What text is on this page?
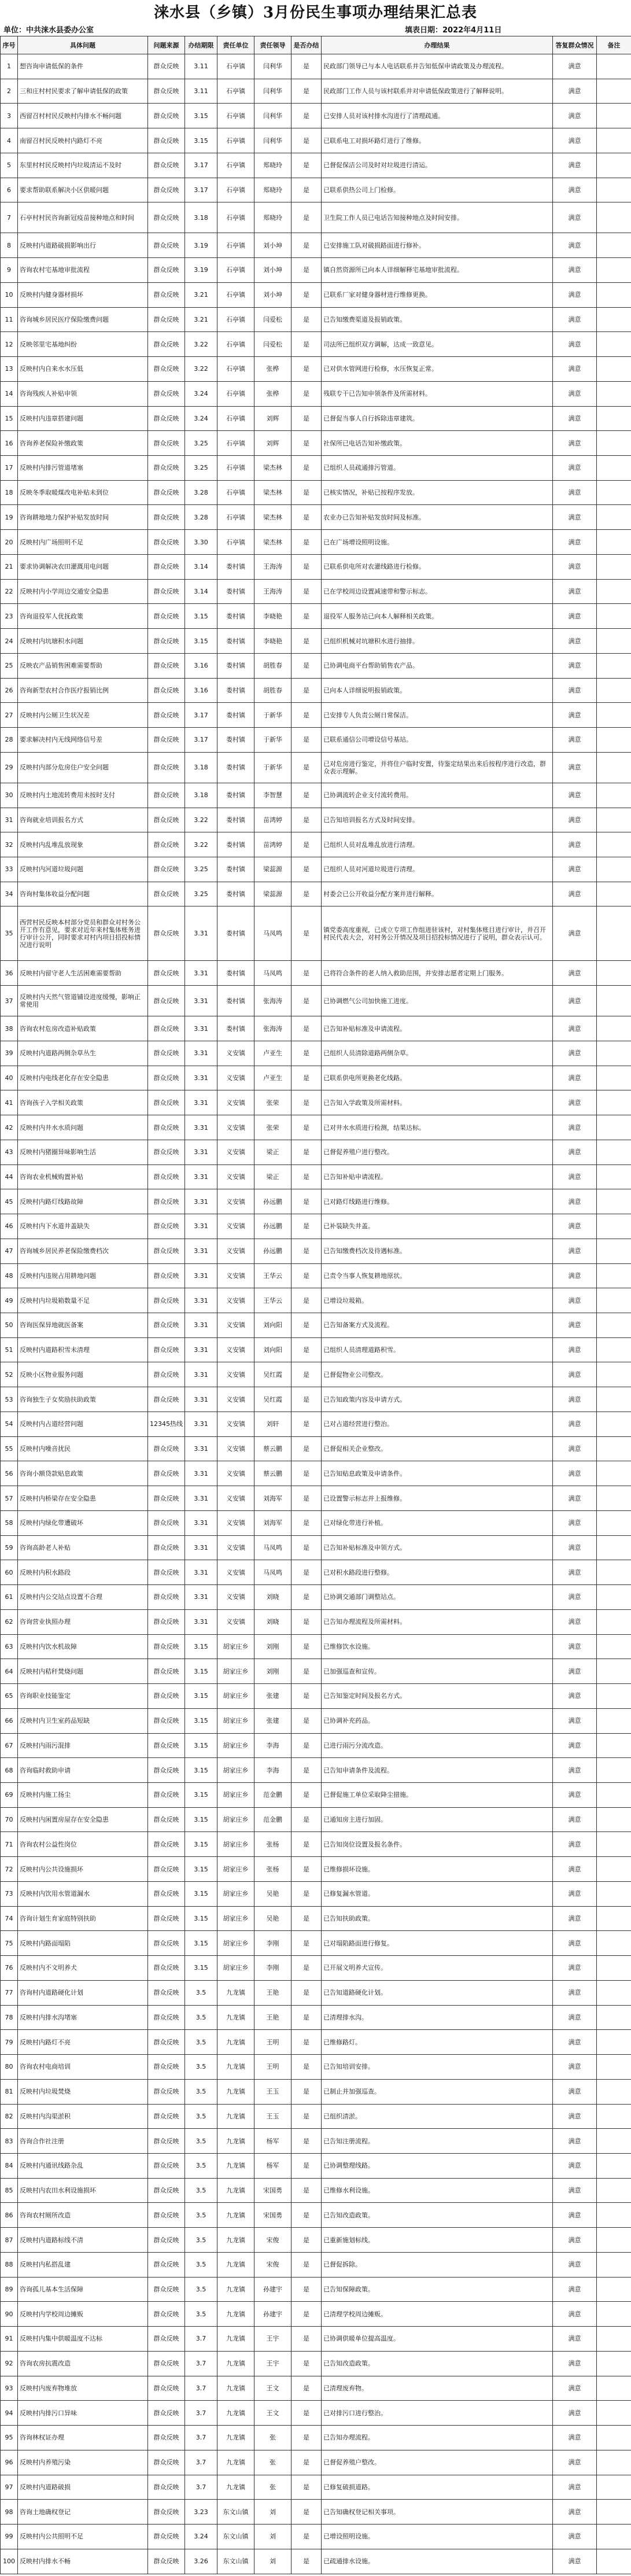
涞水县（乡镇）3月份民生事项办理结果汇总表
单位：中共涞水县委办公室	填表日期：2022年4月11日
序号	具体问题	问题来源	办结期限	责任单位	责任领导	是否办结	办理结果	答复群众情况	备注
1	想咨询申请低保的条件	群众反映	3.11	石亭镇	闫利华	是	民政部门领导已与本人电话联系并告知低保申请政策及办理流程。	满意	
2	三和庄村村民要求了解申请低保的政策	群众反映	3.11	石亭镇	闫利华	是	民政部门工作人员与该村联系并对申请低保政策进行了解释说明。	满意	
3	西留召村村民反映村内排水不畅问题	群众反映	3.15	石亭镇	闫利华	是	已安排人员对该村排水沟进行了清理疏通。	满意	
4	南留召村民反映村内路灯不亮	群众反映	3.15	石亭镇	闫利华	是	已联系电工对损坏路灯进行了维修。	满意	
5	东里村村民反映村内垃圾清运不及时	群众反映	3.17	石亭镇	郑晓玲	是	已督促保洁公司及时对垃圾进行清运。	满意	
6	要求帮助联系解决小区供暖问题	群众反映	3.17	石亭镇	郑晓玲	是	已联系供热公司上门检修。	满意	
7	石亭村村民咨询新冠疫苗接种地点和时间	群众反映	3.18	石亭镇	郑晓玲	是	卫生院工作人员已电话告知接种地点及时间安排。	满意	
8	反映村内道路破损影响出行	群众反映	3.19	石亭镇	刘小坤	是	已安排施工队对破损路面进行修补。	满意	
9	咨询农村宅基地审批流程	群众反映	3.19	石亭镇	刘小坤	是	镇自然资源所已向本人详细解释宅基地审批流程。	满意	
10	反映村内健身器材损坏	群众反映	3.21	石亭镇	刘小坤	是	已联系厂家对健身器材进行维修更换。	满意	
11	咨询城乡居民医疗保险缴费问题	群众反映	3.21	石亭镇	闫爱松	是	已告知缴费渠道及报销政策。	满意	
12	反映邻里宅基地纠纷	群众反映	3.22	石亭镇	闫爱松	是	司法所已组织双方调解，达成一致意见。	满意	
13	反映村内自来水水压低	群众反映	3.22	石亭镇	张桦	是	已对供水管网进行检修，水压恢复正常。	满意	
14	咨询残疾人补贴申领	群众反映	3.24	石亭镇	张桦	是	残联专干已告知申领条件及所需材料。	满意	
15	反映村内违章搭建问题	群众反映	3.24	石亭镇	刘辉	是	已督促当事人自行拆除违章建筑。	满意	
16	咨询养老保险补缴政策	群众反映	3.25	石亭镇	刘辉	是	社保所已电话告知补缴政策。	满意	
17	反映村内排污管道堵塞	群众反映	3.25	石亭镇	梁杰林	是	已组织人员疏通排污管道。	满意	
18	反映冬季取暖煤改电补贴未到位	群众反映	3.28	石亭镇	梁杰林	是	已核实情况，补贴已按程序发放。	满意	
19	咨询耕地地力保护补贴发放时间	群众反映	3.28	石亭镇	梁杰林	是	农业办已告知补贴发放时间及标准。	满意	
20	反映村内广场照明不足	群众反映	3.30	石亭镇	梁杰林	是	已在广场增设照明设施。	满意	
21	要求协调解决农田灌溉用电问题	群众反映	3.14	娄村镇	王海涛	是	已联系供电所对农灌线路进行检修。	满意	
22	反映村内小学周边交通安全隐患	群众反映	3.14	娄村镇	王海涛	是	已在学校周边设置减速带和警示标志。	满意	
23	咨询退役军人优抚政策	群众反映	3.15	娄村镇	李晓艳	是	退役军人服务站已向本人解释相关政策。	满意	
24	反映村内坑塘积水问题	群众反映	3.15	娄村镇	李晓艳	是	已组织机械对坑塘积水进行抽排。	满意	
25	反映农产品销售困难需要帮助	群众反映	3.16	娄村镇	胡胜春	是	已协调电商平台帮助销售农产品。	满意	
26	咨询新型农村合作医疗报销比例	群众反映	3.16	娄村镇	胡胜春	是	已向本人详细说明报销政策。	满意	
27	反映村内公厕卫生状况差	群众反映	3.17	娄村镇	于新华	是	已安排专人负责公厕日常保洁。	满意	
28	要求解决村内无线网络信号差	群众反映	3.17	娄村镇	于新华	是	已联系通信公司增设信号基站。	满意	
29	反映村内部分危房住户安全问题	群众反映	3.18	娄村镇	于新华	是	已对危房进行鉴定，并将住户临时安置，待鉴定结果出来后按程序进行改造，群众表示理解。	满意	
30	反映村内土地流转费用未按时支付	群众反映	3.18	娄村镇	李智慧	是	已协调流转企业支付流转费用。	满意	
31	咨询就业培训报名方式	群众反映	3.22	娄村镇	苗鸿婷	是	已告知培训报名方式及时间安排。	满意	
32	反映村内乱堆乱放现象	群众反映	3.22	娄村镇	苗鸿婷	是	已组织人员对乱堆乱放进行清理。	满意	
33	反映村内河道垃圾问题	群众反映	3.25	娄村镇	梁蕊源	是	已组织人员对河道垃圾进行清理。	满意	
34	咨询村集体收益分配问题	群众反映	3.25	娄村镇	梁蕊源	是	村委会已公开收益分配方案并进行解释。	满意	
35	西营村民反映本村部分党员和群众对村务公开工作有意见，要求对近年来村集体账务进行审计公开，同时要求对村内项目招投标情况进行说明	群众反映	3.31	娄村镇	马凤鸣	是	镇党委高度重视，已成立专项工作组进驻该村，对村集体账目进行审计，并召开村民代表大会，对村务公开情况及项目招投标情况进行了说明，群众表示认可。	满意	
36	反映村内留守老人生活困难需要帮助	群众反映	3.31	娄村镇	马凤鸣	是	已将符合条件的老人纳入救助范围，并安排志愿者定期上门服务。	满意	
37	反映村内天然气管道铺设进度缓慢，影响正常使用	群众反映	3.31	娄村镇	张海涛	是	已协调燃气公司加快施工进度。	满意	
38	咨询农村危房改造补贴政策	群众反映	3.31	娄村镇	张海涛	是	已告知补贴标准及申请流程。	满意	
39	反映村内道路两侧杂草丛生	群众反映	3.31	义安镇	卢亚生	是	已组织人员清除道路两侧杂草。	满意	
40	反映村内电线老化存在安全隐患	群众反映	3.31	义安镇	卢亚生	是	已联系供电所更换老化线路。	满意	
41	咨询孩子入学相关政策	群众反映	3.31	义安镇	张荣	是	已告知入学政策及所需材料。	满意	
42	反映村内井水水质问题	群众反映	3.31	义安镇	张荣	是	已对井水水质进行检测，结果达标。	满意	
43	反映村内猪圈异味影响生活	群众反映	3.31	义安镇	梁正	是	已督促养殖户进行整改。	满意	
44	咨询农业机械购置补贴	群众反映	3.31	义安镇	梁正	是	已告知补贴申请流程。	满意	
45	反映村内路灯线路故障	群众反映	3.31	义安镇	孙远鹏	是	已对路灯线路进行维修。	满意	
46	反映村内下水道井盖缺失	群众反映	3.31	义安镇	孙远鹏	是	已补装缺失井盖。	满意	
47	咨询城乡居民养老保险缴费档次	群众反映	3.31	义安镇	孙远鹏	是	已告知缴费档次及待遇标准。	满意	
48	反映村内违规占用耕地问题	群众反映	3.31	义安镇	王华云	是	已责令当事人恢复耕地原状。	满意	
49	反映村内垃圾箱数量不足	群众反映	3.31	义安镇	王华云	是	已增设垃圾箱。	满意	
50	咨询医保异地就医备案	群众反映	3.31	义安镇	刘向阳	是	已告知备案方式及流程。	满意	
51	反映村内道路积雪未清理	群众反映	3.31	义安镇	刘向阳	是	已组织人员清理道路积雪。	满意	
52	反映小区物业服务问题	群众反映	3.31	义安镇	吴红霞	是	已督促物业公司整改。	满意	
53	咨询独生子女奖励扶助政策	群众反映	3.31	义安镇	吴红霞	是	已告知政策内容及申请方式。	满意	
54	反映村内占道经营问题	12345热线	3.31	义安镇	刘轩	是	已对占道经营进行整治。	满意	
55	反映村内噪音扰民	群众反映	3.31	义安镇	蔡云鹏	是	已督促相关企业整改。	满意	
56	咨询小额贷款贴息政策	群众反映	3.31	义安镇	蔡云鹏	是	已告知贴息政策及申请条件。	满意	
57	反映村内桥梁存在安全隐患	群众反映	3.31	义安镇	刘海军	是	已设置警示标志并上报维修。	满意	
58	反映村内绿化带遭破坏	群众反映	3.31	义安镇	刘海军	是	已对绿化带进行补植。	满意	
59	咨询高龄老人补贴	群众反映	3.31	义安镇	马凤鸣	是	已告知补贴标准及申领方式。	满意	
60	反映村内积水路段	群众反映	3.31	义安镇	马凤鸣	是	已对积水路段进行整修。	满意	
61	反映村内公交站点设置不合理	群众反映	3.31	义安镇	刘晓	是	已协调交通部门调整站点。	满意	
62	咨询营业执照办理	群众反映	3.31	义安镇	刘晓	是	已告知办理流程及所需材料。	满意	
63	反映村内饮水机故障	群众反映	3.15	胡家庄乡	刘刚	是	已维修饮水设施。	满意	
64	反映村内秸秆焚烧问题	群众反映	3.15	胡家庄乡	刘刚	是	已加强巡查和宣传。	满意	
65	咨询职业技能鉴定	群众反映	3.15	胡家庄乡	张建	是	已告知鉴定时间及报名方式。	满意	
66	反映村内卫生室药品短缺	群众反映	3.15	胡家庄乡	张建	是	已协调补充药品。	满意	
67	反映村内雨污混排	群众反映	3.15	胡家庄乡	李海	是	已进行雨污分流改造。	满意	
68	咨询临时救助申请	群众反映	3.15	胡家庄乡	李海	是	已告知申请条件及流程。	满意	
69	反映村内施工扬尘	群众反映	3.15	胡家庄乡	范金鹏	是	已督促施工单位采取降尘措施。	满意	
70	反映村内闲置房屋存在安全隐患	群众反映	3.15	胡家庄乡	范金鹏	是	已通知房主进行加固。	满意	
71	咨询农村公益性岗位	群众反映	3.15	胡家庄乡	张杨	是	已告知岗位设置及报名条件。	满意	
72	反映村内公共设施损坏	群众反映	3.15	胡家庄乡	张杨	是	已维修损坏设施。	满意	
73	反映村内饮用水管道漏水	群众反映	3.15	胡家庄乡	吴艳	是	已修复漏水管道。	满意	
74	咨询计划生育家庭特别扶助	群众反映	3.15	胡家庄乡	吴艳	是	已告知扶助政策。	满意	
75	反映村内路面塌陷	群众反映	3.15	胡家庄乡	李刚	是	已对塌陷路面进行修复。	满意	
76	反映村内不文明养犬	群众反映	3.15	胡家庄乡	李刚	是	已开展文明养犬宣传。	满意	
77	咨询村内道路硬化计划	群众反映	3.5	九龙镇	王艳	是	已告知道路硬化计划。	满意	
78	反映村内排水沟堵塞	群众反映	3.5	九龙镇	王艳	是	已清理排水沟。	满意	
79	反映村内路灯不亮	群众反映	3.5	九龙镇	王明	是	已维修路灯。	满意	
80	咨询农村电商培训	群众反映	3.5	九龙镇	王明	是	已告知培训安排。	满意	
81	反映村内垃圾焚烧	群众反映	3.5	九龙镇	王玉	是	已制止并加强巡查。	满意	
82	反映村内沟渠淤积	群众反映	3.5	九龙镇	王玉	是	已组织清淤。	满意	
83	咨询合作社注册	群众反映	3.5	九龙镇	杨军	是	已告知注册流程。	满意	
84	反映村内通讯线路杂乱	群众反映	3.5	九龙镇	杨军	是	已协调整理线路。	满意	
85	反映村内农田水利设施损坏	群众反映	3.5	九龙镇	宋国勇	是	已维修水利设施。	满意	
86	咨询农村厕所改造	群众反映	3.5	九龙镇	宋国勇	是	已告知改造政策。	满意	
87	反映村内道路标线不清	群众反映	3.5	九龙镇	宋俊	是	已重新施划标线。	满意	
88	反映村内私搭乱建	群众反映	3.5	九龙镇	宋俊	是	已督促拆除。	满意	
89	咨询孤儿基本生活保障	群众反映	3.5	九龙镇	孙建宇	是	已告知保障政策。	满意	
90	反映村内学校周边摊贩	群众反映	3.5	九龙镇	孙建宇	是	已清理学校周边摊贩。	满意	
91	反映村内集中供暖温度不达标	群众反映	3.7	九龙镇	王宇	是	已协调供暖单位提高温度。	满意	
92	咨询农房抗震改造	群众反映	3.7	九龙镇	王宇	是	已告知改造政策。	满意	
93	反映村内废弃物堆放	群众反映	3.7	九龙镇	王文	是	已清理废弃物。	满意	
94	反映村内排污口异味	群众反映	3.7	九龙镇	王文	是	已对排污口进行整治。	满意	
95	咨询林权证办理	群众反映	3.7	九龙镇	张	是	已告知办理流程。	满意	
96	反映村内养殖污染	群众反映	3.7	九龙镇	张	是	已督促养殖户整改。	满意	
97	反映村内道路破损	群众反映	3.7	九龙镇	张	是	已修复破损道路。	满意	
98	咨询土地确权登记	群众反映	3.23	东文山镇	刘	是	已告知确权登记相关事项。	满意	
99	反映村内公共照明不足	群众反映	3.24	东文山镇	刘	是	已增设照明设施。	满意	
100	反映村内排水不畅	群众反映	3.26	东文山镇	刘	是	已疏通排水设施。	满意	
